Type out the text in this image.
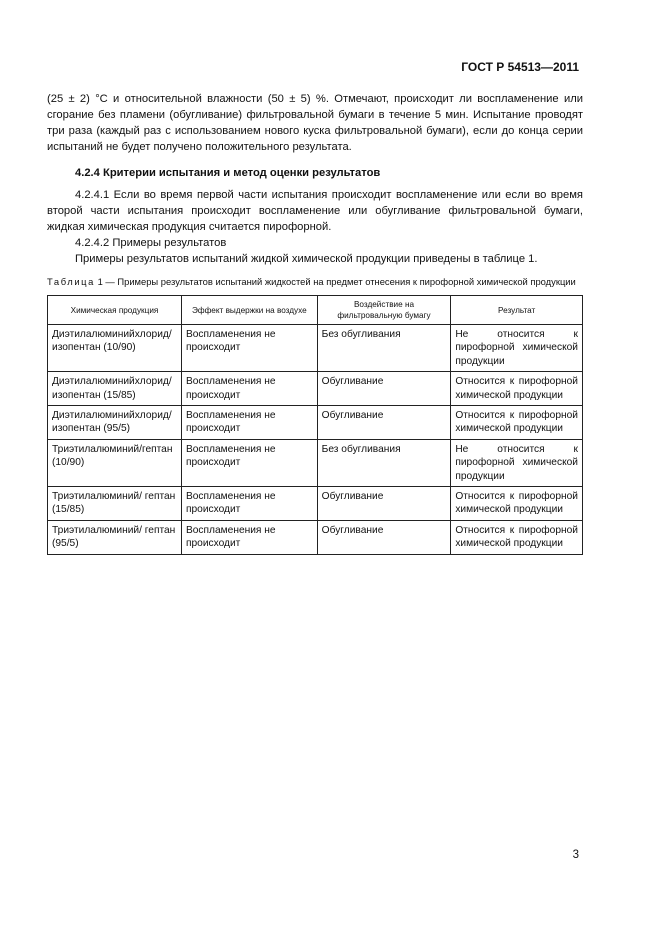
ГОСТ Р 54513—2011

(25 ± 2) °С и относительной влажности (50 ± 5) %. Отмечают, происходит ли воспламенение или сгорание без пламени (обугливание) фильтровальной бумаги в течение 5 мин. Испытание проводят три раза (каждый раз с использованием нового куска фильтровальной бумаги), если до конца серии испытаний не будет получено положительного результата.

4.2.4 Критерии испытания и метод оценки результатов

4.2.4.1 Если во время первой части испытания происходит воспламенение или если во время второй части испытания происходит воспламенение или обугливание фильтровальной бумаги, жидкая химическая продукция считается пирофорной.

4.2.4.2 Примеры результатов

Примеры результатов испытаний жидкой химической продукции приведены в таблице 1.

Таблица 1 — Примеры результатов испытаний жидкостей на предмет отнесения к пирофорной химической продукции
Химическая продукция	Эффект выдержки на воздухе	Воздействие на фильтровальную бумагу	Результат
Диэтилалюминийхлорид/ изопентан (10/90)	Воспламенения не происходит	Без обугливания	Не относится к пирофорной химической продукции
Диэтилалюминийхлорид/ изопентан (15/85)	Воспламенения не происходит	Обугливание	Относится к пирофорной химической продукции
Диэтилалюминийхлорид/ изопентан (95/5)	Воспламенения не происходит	Обугливание	Относится к пирофорной химической продукции
Триэтилалюминий/гептан (10/90)	Воспламенения не происходит	Без обугливания	Не относится к пирофорной химической продукции
Триэтилалюминий/ гептан (15/85)	Воспламенения не происходит	Обугливание	Относится к пирофорной химической продукции
Триэтилалюминий/ гептан (95/5)	Воспламенения не происходит	Обугливание	Относится к пирофорной химической продукции
3
